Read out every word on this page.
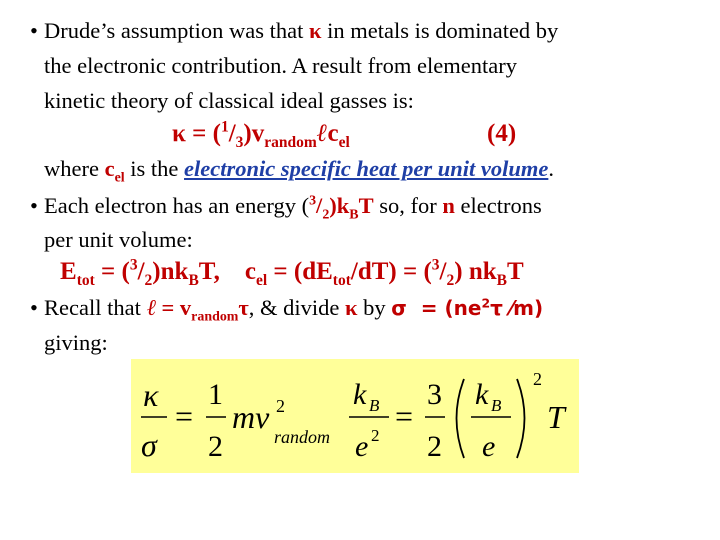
• Drude’s assumption was that κ in metals is dominated by
the electronic contribution. A result from elementary
kinetic theory of classical ideal gasses is:
$\kappa = (^1/_3)v_{random}\ell c_{el}$	(4)
where $c_{el}$ is the electronic specific heat per unit volume.
• Each electron has an energy $(^3/_2)k_BT$ so, for n electrons
per unit volume:
$E_{tot} = (^3/_2)nk_BT$,    $c_{el} = (dE_{tot}/dT) = (^3/_2)$ $nk_BT$
• Recall that ℓ = $v_{random}\tau$, & divide κ by $\sigma = (ne^2\tau$ ⁄m)
giving:
κ
σ
=
1
2
mv 2
random
k B
e 2
=
3
2
k B
e
2
T
